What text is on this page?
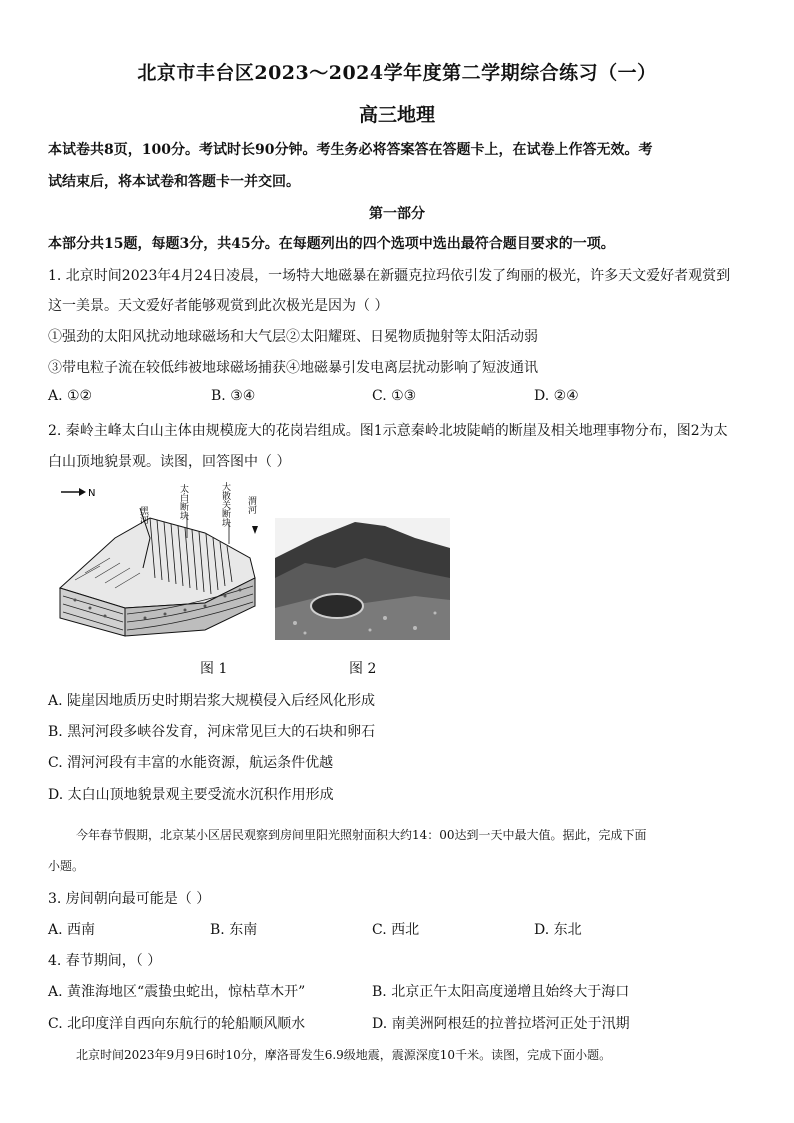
北京市丰台区2023～2024学年度第二学期综合练习（一）
高三地理
本试卷共8页，100分。考试时长90分钟。考生务必将答案答在答题卡上，在试卷上作答无效。考
试结束后，将本试卷和答题卡一并交回。
第一部分
本部分共15题，每题3分，共45分。在每题列出的四个选项中选出最符合题目要求的一项。
1. 北京时间2023年4月24日凌晨，一场特大地磁暴在新疆克拉玛依引发了绚丽的极光，许多天文爱好者观赏到
这一美景。天文爱好者能够观赏到此次极光是因为（ ）
①强劲的太阳风扰动地球磁场和大气层②太阳耀斑、日冕物质抛射等太阳活动弱
③带电粒子流在较低纬被地球磁场捕获④地磁暴引发电离层扰动影响了短波通讯
A. ①②	B. ③④	C. ①③	D. ②④
2. 秦岭主峰太白山主体由规模庞大的花岗岩组成。图1示意秦岭北坡陡峭的断崖及相关地理事物分布，图2为太
白山顶地貌景观。读图，回答图中（ ）
N
黑河	太白断块	大散关断块 渭河
图 1	图 2
A. 陡崖因地质历史时期岩浆大规模侵入后经风化形成
B. 黑河河段多峡谷发育，河床常见巨大的石块和卵石
C. 渭河河段有丰富的水能资源，航运条件优越
D. 太白山顶地貌景观主要受流水沉积作用形成
今年春节假期，北京某小区居民观察到房间里阳光照射面积大约14：00达到一天中最大值。据此，完成下面
小题。
3. 房间朝向最可能是（ ）
A. 西南	B. 东南	C. 西北	D. 东北
4. 春节期间，（ ）
A. 黄淮海地区“震蛰虫蛇出，惊枯草木开”	B. 北京正午太阳高度递增且始终大于海口
C. 北印度洋自西向东航行的轮船顺风顺水	D. 南美洲阿根廷的拉普拉塔河正处于汛期
北京时间2023年9月9日6时10分，摩洛哥发生6.9级地震，震源深度10千米。读图，完成下面小题。
